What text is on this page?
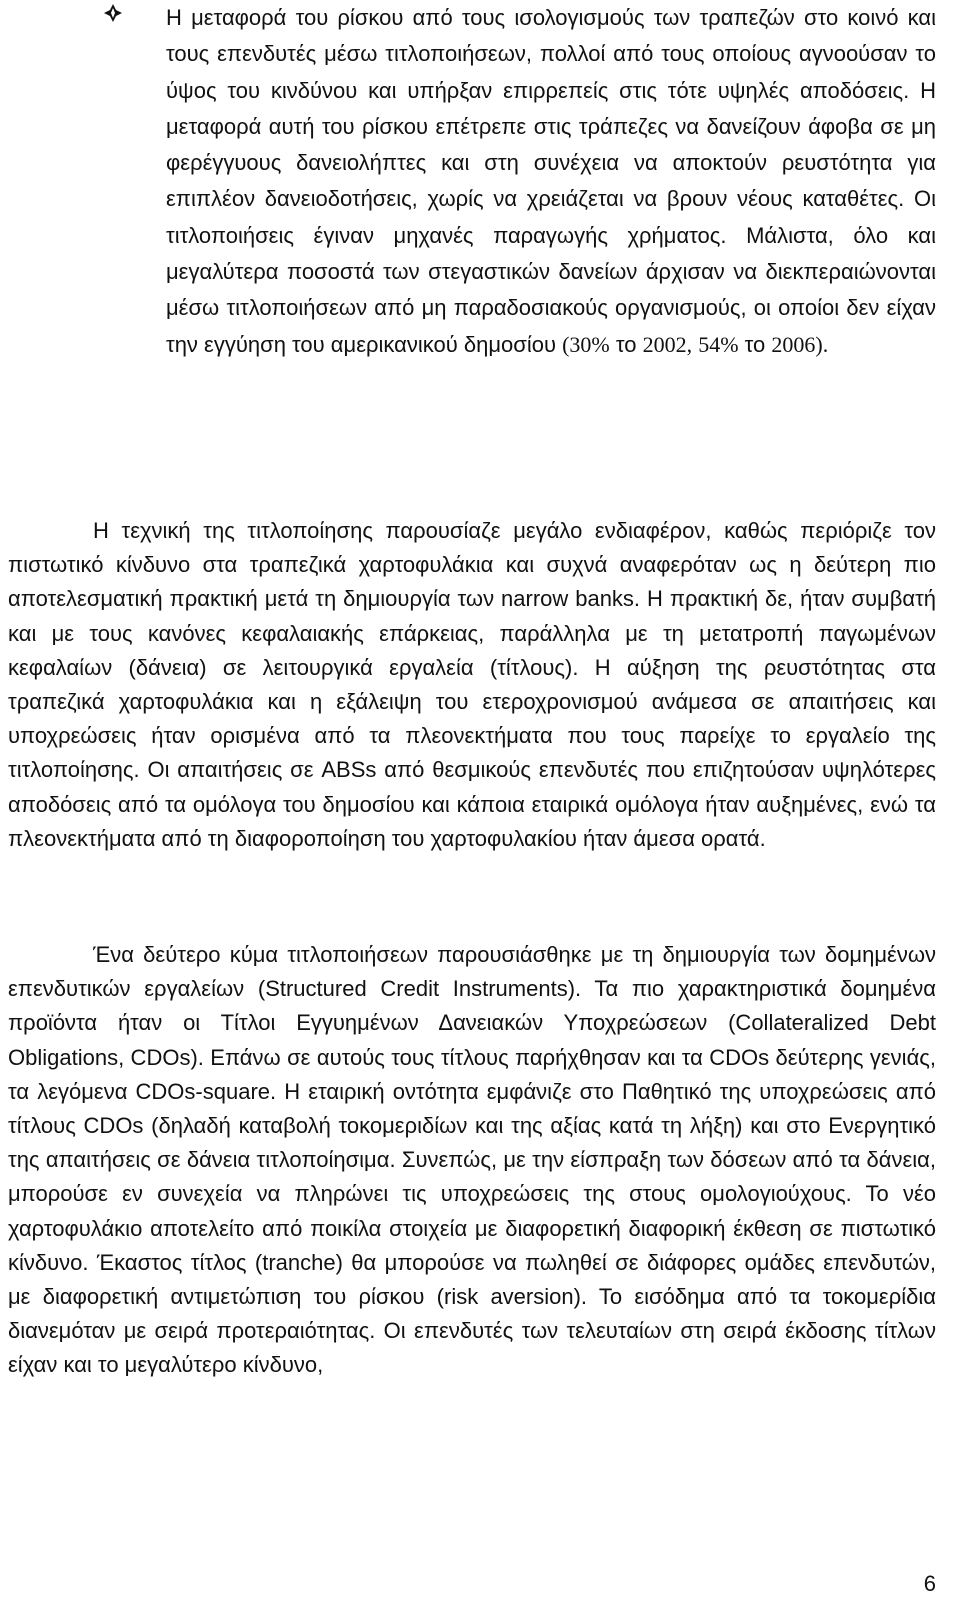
Η μεταφορά του ρίσκου από τους ισολογισμούς των τραπεζών στο κοινό και τους επενδυτές μέσω τιτλοποιήσεων, πολλοί από τους οποίους αγνοούσαν το ύψος του κινδύνου και υπήρξαν επιρρεπείς στις τότε υψηλές αποδόσεις. Η μεταφορά αυτή του ρίσκου επέτρεπε στις τράπεζες να δανείζουν άφοβα σε μη φερέγγυους δανειολήπτες και στη συνέχεια να αποκτούν ρευστότητα για επιπλέον δανειοδοτήσεις, χωρίς να χρειάζεται να βρουν νέους καταθέτες. Οι τιτλοποιήσεις έγιναν μηχανές παραγωγής χρήματος. Μάλιστα, όλο και μεγαλύτερα ποσοστά των στεγαστικών δανείων άρχισαν να διεκπεραιώνονται μέσω τιτλοποιήσεων από μη παραδοσιακούς οργανισμούς, οι οποίοι δεν είχαν την εγγύηση του αμερικανικού δημοσίου (30% το 2002, 54% το 2006).

Η τεχνική της τιτλοποίησης παρουσίαζε μεγάλο ενδιαφέρον, καθώς περιόριζε τον πιστωτικό κίνδυνο στα τραπεζικά χαρτοφυλάκια και συχνά αναφερόταν ως η δεύτερη πιο αποτελεσματική πρακτική μετά τη δημιουργία των narrow banks. Η πρακτική δε, ήταν συμβατή και με τους κανόνες κεφαλαιακής επάρκειας, παράλληλα με τη μετατροπή παγωμένων κεφαλαίων (δάνεια) σε λειτουργικά εργαλεία (τίτλους). Η αύξηση της ρευστότητας στα τραπεζικά χαρτοφυλάκια και η εξάλειψη του ετεροχρονισμού ανάμεσα σε απαιτήσεις και υποχρεώσεις ήταν ορισμένα από τα πλεονεκτήματα που τους παρείχε το εργαλείο της τιτλοποίησης. Οι απαιτήσεις σε ABSs από θεσμικούς επενδυτές που επιζητούσαν υψηλότερες αποδόσεις από τα ομόλογα του δημοσίου και κάποια εταιρικά ομόλογα ήταν αυξημένες, ενώ τα πλεονεκτήματα από τη διαφοροποίηση του χαρτοφυλακίου ήταν άμεσα ορατά.

Ένα δεύτερο κύμα τιτλοποιήσεων παρουσιάσθηκε με τη δημιουργία των δομημένων επενδυτικών εργαλείων (Structured Credit Instruments). Τα πιο χαρακτηριστικά δομημένα προϊόντα ήταν οι Τίτλοι Εγγυημένων Δανειακών Υποχρεώσεων (Collateralized Debt Obligations, CDOs). Επάνω σε αυτούς τους τίτλους παρήχθησαν και τα CDOs δεύτερης γενιάς, τα λεγόμενα CDOs-square. Η εταιρική οντότητα εμφάνιζε στο Παθητικό της υποχρεώσεις από τίτλους CDOs (δηλαδή καταβολή τοκομεριδίων και της αξίας κατά τη λήξη) και στο Ενεργητικό της απαιτήσεις σε δάνεια τιτλοποίησιμα. Συνεπώς, με την είσπραξη των δόσεων από τα δάνεια, μπορούσε εν συνεχεία να πληρώνει τις υποχρεώσεις της στους ομολογιούχους. Το νέο χαρτοφυλάκιο αποτελείτο από ποικίλα στοιχεία με διαφορετική διαφορική έκθεση σε πιστωτικό κίνδυνο. Έκαστος τίτλος (tranche) θα μπορούσε να πωληθεί σε διάφορες ομάδες επενδυτών, με διαφορετική αντιμετώπιση του ρίσκου (risk aversion). Το εισόδημα από τα τοκομερίδια διανεμόταν με σειρά προτεραιότητας. Οι επενδυτές των τελευταίων στη σειρά έκδοσης τίτλων είχαν και το μεγαλύτερο κίνδυνο,

6
